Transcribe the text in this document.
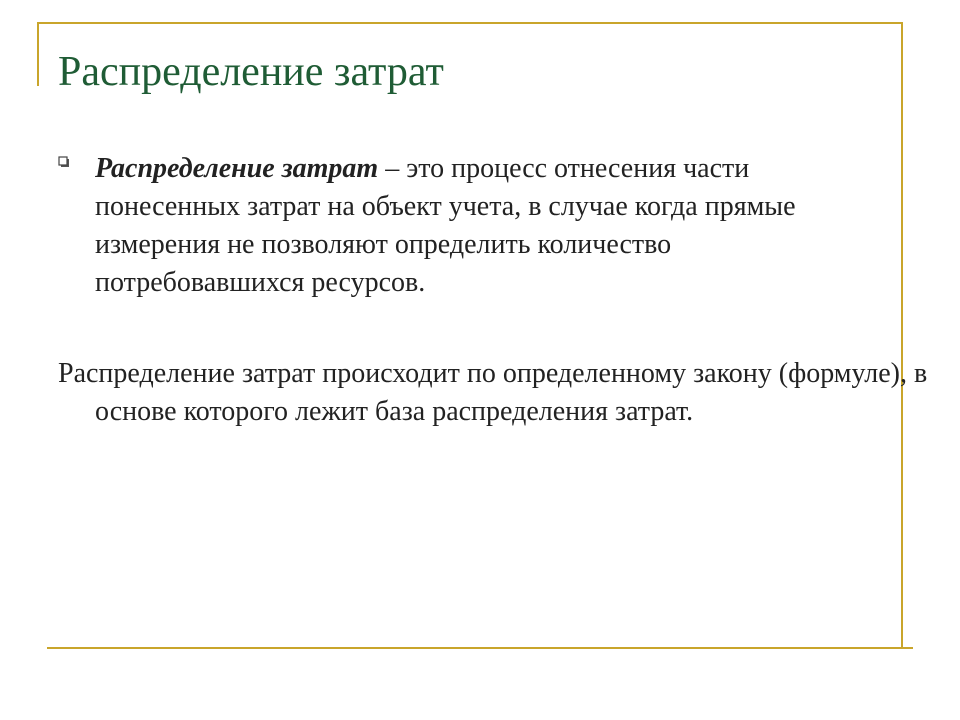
Распределение затрат

Распределение затрат – это процесс отнесения части понесенных затрат на объект учета, в случае когда прямые измерения не позволяют определить количество потребовавшихся ресурсов.

Распределение затрат происходит по определенному закону (формуле), в основе которого лежит база распределения затрат.
